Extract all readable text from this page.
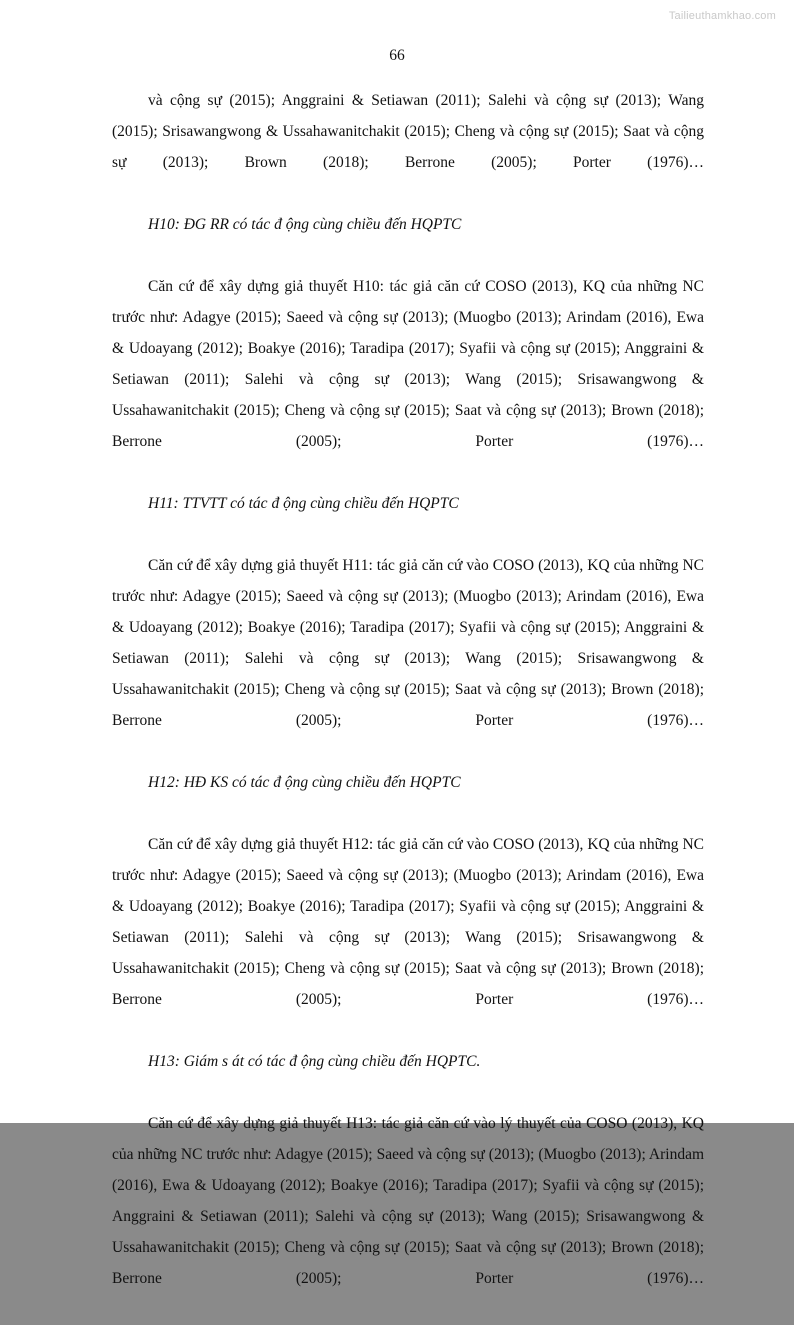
Tailieuthamkhao.com
66

và cộng sự (2015); Anggraini & Setiawan (2011); Salehi và cộng sự (2013); Wang (2015); Srisawangwong & Ussahawanitchakit (2015); Cheng và cộng sự (2015); Saat và cộng sự (2013); Brown (2018); Berrone (2005); Porter (1976)…

H10: ĐG RR có tác đ ộng cùng chiều đến HQPTC

Căn cứ để xây dựng giả thuyết H10: tác giả căn cứ COSO (2013), KQ của những NC trước như: Adagye (2015); Saeed và cộng sự (2013); (Muogbo (2013); Arindam (2016), Ewa & Udoayang (2012); Boakye (2016); Taradipa (2017); Syafii và cộng sự (2015); Anggraini & Setiawan (2011); Salehi và cộng sự (2013); Wang (2015); Srisawangwong & Ussahawanitchakit (2015); Cheng và cộng sự (2015); Saat và cộng sự (2013); Brown (2018); Berrone (2005); Porter (1976)…

H11: TTVTT có tác đ ộng cùng chiều đến HQPTC

Căn cứ để xây dựng giả thuyết H11: tác giả căn cứ vào COSO (2013), KQ của những NC trước như: Adagye (2015); Saeed và cộng sự (2013); (Muogbo (2013); Arindam (2016), Ewa & Udoayang (2012); Boakye (2016); Taradipa (2017); Syafii và cộng sự (2015); Anggraini & Setiawan (2011); Salehi và cộng sự (2013); Wang (2015); Srisawangwong & Ussahawanitchakit (2015); Cheng và cộng sự (2015); Saat và cộng sự (2013); Brown (2018); Berrone (2005); Porter (1976)…

H12: HĐ KS có tác đ ộng cùng chiều đến HQPTC

Căn cứ để xây dựng giả thuyết H12: tác giả căn cứ vào COSO (2013), KQ của những NC trước như: Adagye (2015); Saeed và cộng sự (2013); (Muogbo (2013); Arindam (2016), Ewa & Udoayang (2012); Boakye (2016); Taradipa (2017); Syafii và cộng sự (2015); Anggraini & Setiawan (2011); Salehi và cộng sự (2013); Wang (2015); Srisawangwong & Ussahawanitchakit (2015); Cheng và cộng sự (2015); Saat và cộng sự (2013); Brown (2018); Berrone (2005); Porter (1976)…

H13: Giám s át có tác đ ộng cùng chiều đến HQPTC.

Căn cứ để xây dựng giả thuyết H13: tác giả căn cứ vào lý thuyết của COSO (2013), KQ của những NC trước như: Adagye (2015); Saeed và cộng sự (2013); (Muogbo (2013); Arindam (2016), Ewa & Udoayang (2012); Boakye (2016); Taradipa (2017); Syafii và cộng sự (2015); Anggraini & Setiawan (2011); Salehi và cộng sự (2013); Wang (2015); Srisawangwong & Ussahawanitchakit (2015); Cheng và cộng sự (2015); Saat và cộng sự (2013); Brown (2018); Berrone (2005); Porter (1976)…
